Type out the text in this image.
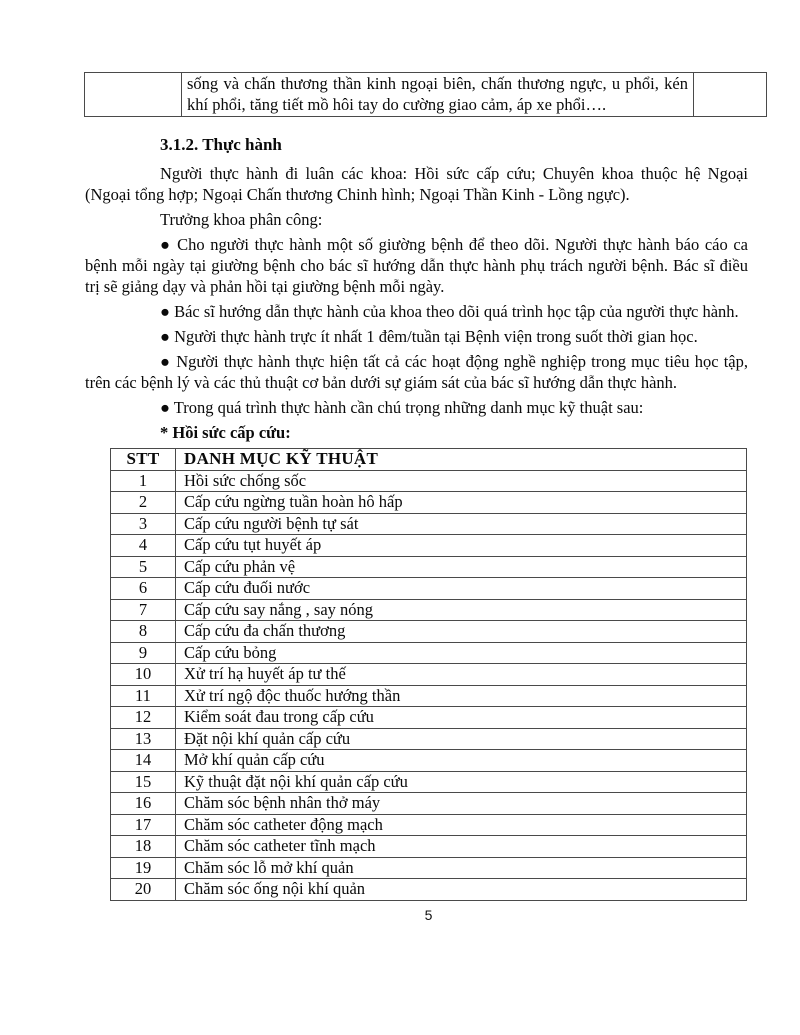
	sống và chấn thương thần kinh ngoại biên, chấn thương ngực, u phổi, kén khí phổi, tăng tiết mồ hôi tay do cường giao cảm, áp xe phổi….	
3.1.2. Thực hành

Người thực hành đi luân các khoa: Hồi sức cấp cứu; Chuyên khoa thuộc hệ Ngoại (Ngoại tổng hợp; Ngoại Chấn thương Chinh hình; Ngoại Thần Kinh - Lồng ngực).

Trưởng khoa phân công:

● Cho người thực hành một số giường bệnh để theo dõi. Người thực hành báo cáo ca bệnh mỗi ngày tại giường bệnh cho bác sĩ hướng dẫn thực hành phụ trách người bệnh. Bác sĩ điều trị sẽ giảng dạy và phản hồi tại giường bệnh mỗi ngày.

● Bác sĩ hướng dẫn thực hành của khoa theo dõi quá trình học tập của người thực hành.

● Người thực hành trực ít nhất 1 đêm/tuần tại Bệnh viện trong suốt thời gian học.

● Người thực hành thực hiện tất cả các hoạt động nghề nghiệp trong mục tiêu học tập, trên các bệnh lý và các thủ thuật cơ bản dưới sự giám sát của bác sĩ hướng dẫn thực hành.

● Trong quá trình thực hành cần chú trọng những danh mục kỹ thuật sau:

* Hồi sức cấp cứu:

STT	DANH MỤC KỸ THUẬT
1	Hồi sức chống sốc
2	Cấp cứu ngừng tuần hoàn hô hấp
3	Cấp cứu người bệnh tự sát
4	Cấp cứu tụt huyết áp
5	Cấp cứu phản vệ
6	Cấp cứu đuối nước
7	Cấp cứu say nắng , say nóng
8	Cấp cứu đa chấn thương
9	Cấp cứu bỏng
10	Xử trí hạ huyết áp tư thế
11	Xử trí ngộ độc thuốc hướng thần
12	Kiểm soát đau trong cấp cứu
13	Đặt nội khí quản cấp cứu
14	Mở khí quản cấp cứu
15	Kỹ thuật đặt nội khí quản cấp cứu
16	Chăm sóc bệnh nhân thở máy
17	Chăm sóc catheter động mạch
18	Chăm sóc catheter tĩnh mạch
19	Chăm sóc lỗ mở khí quản
20	Chăm sóc ống nội khí quản
5
